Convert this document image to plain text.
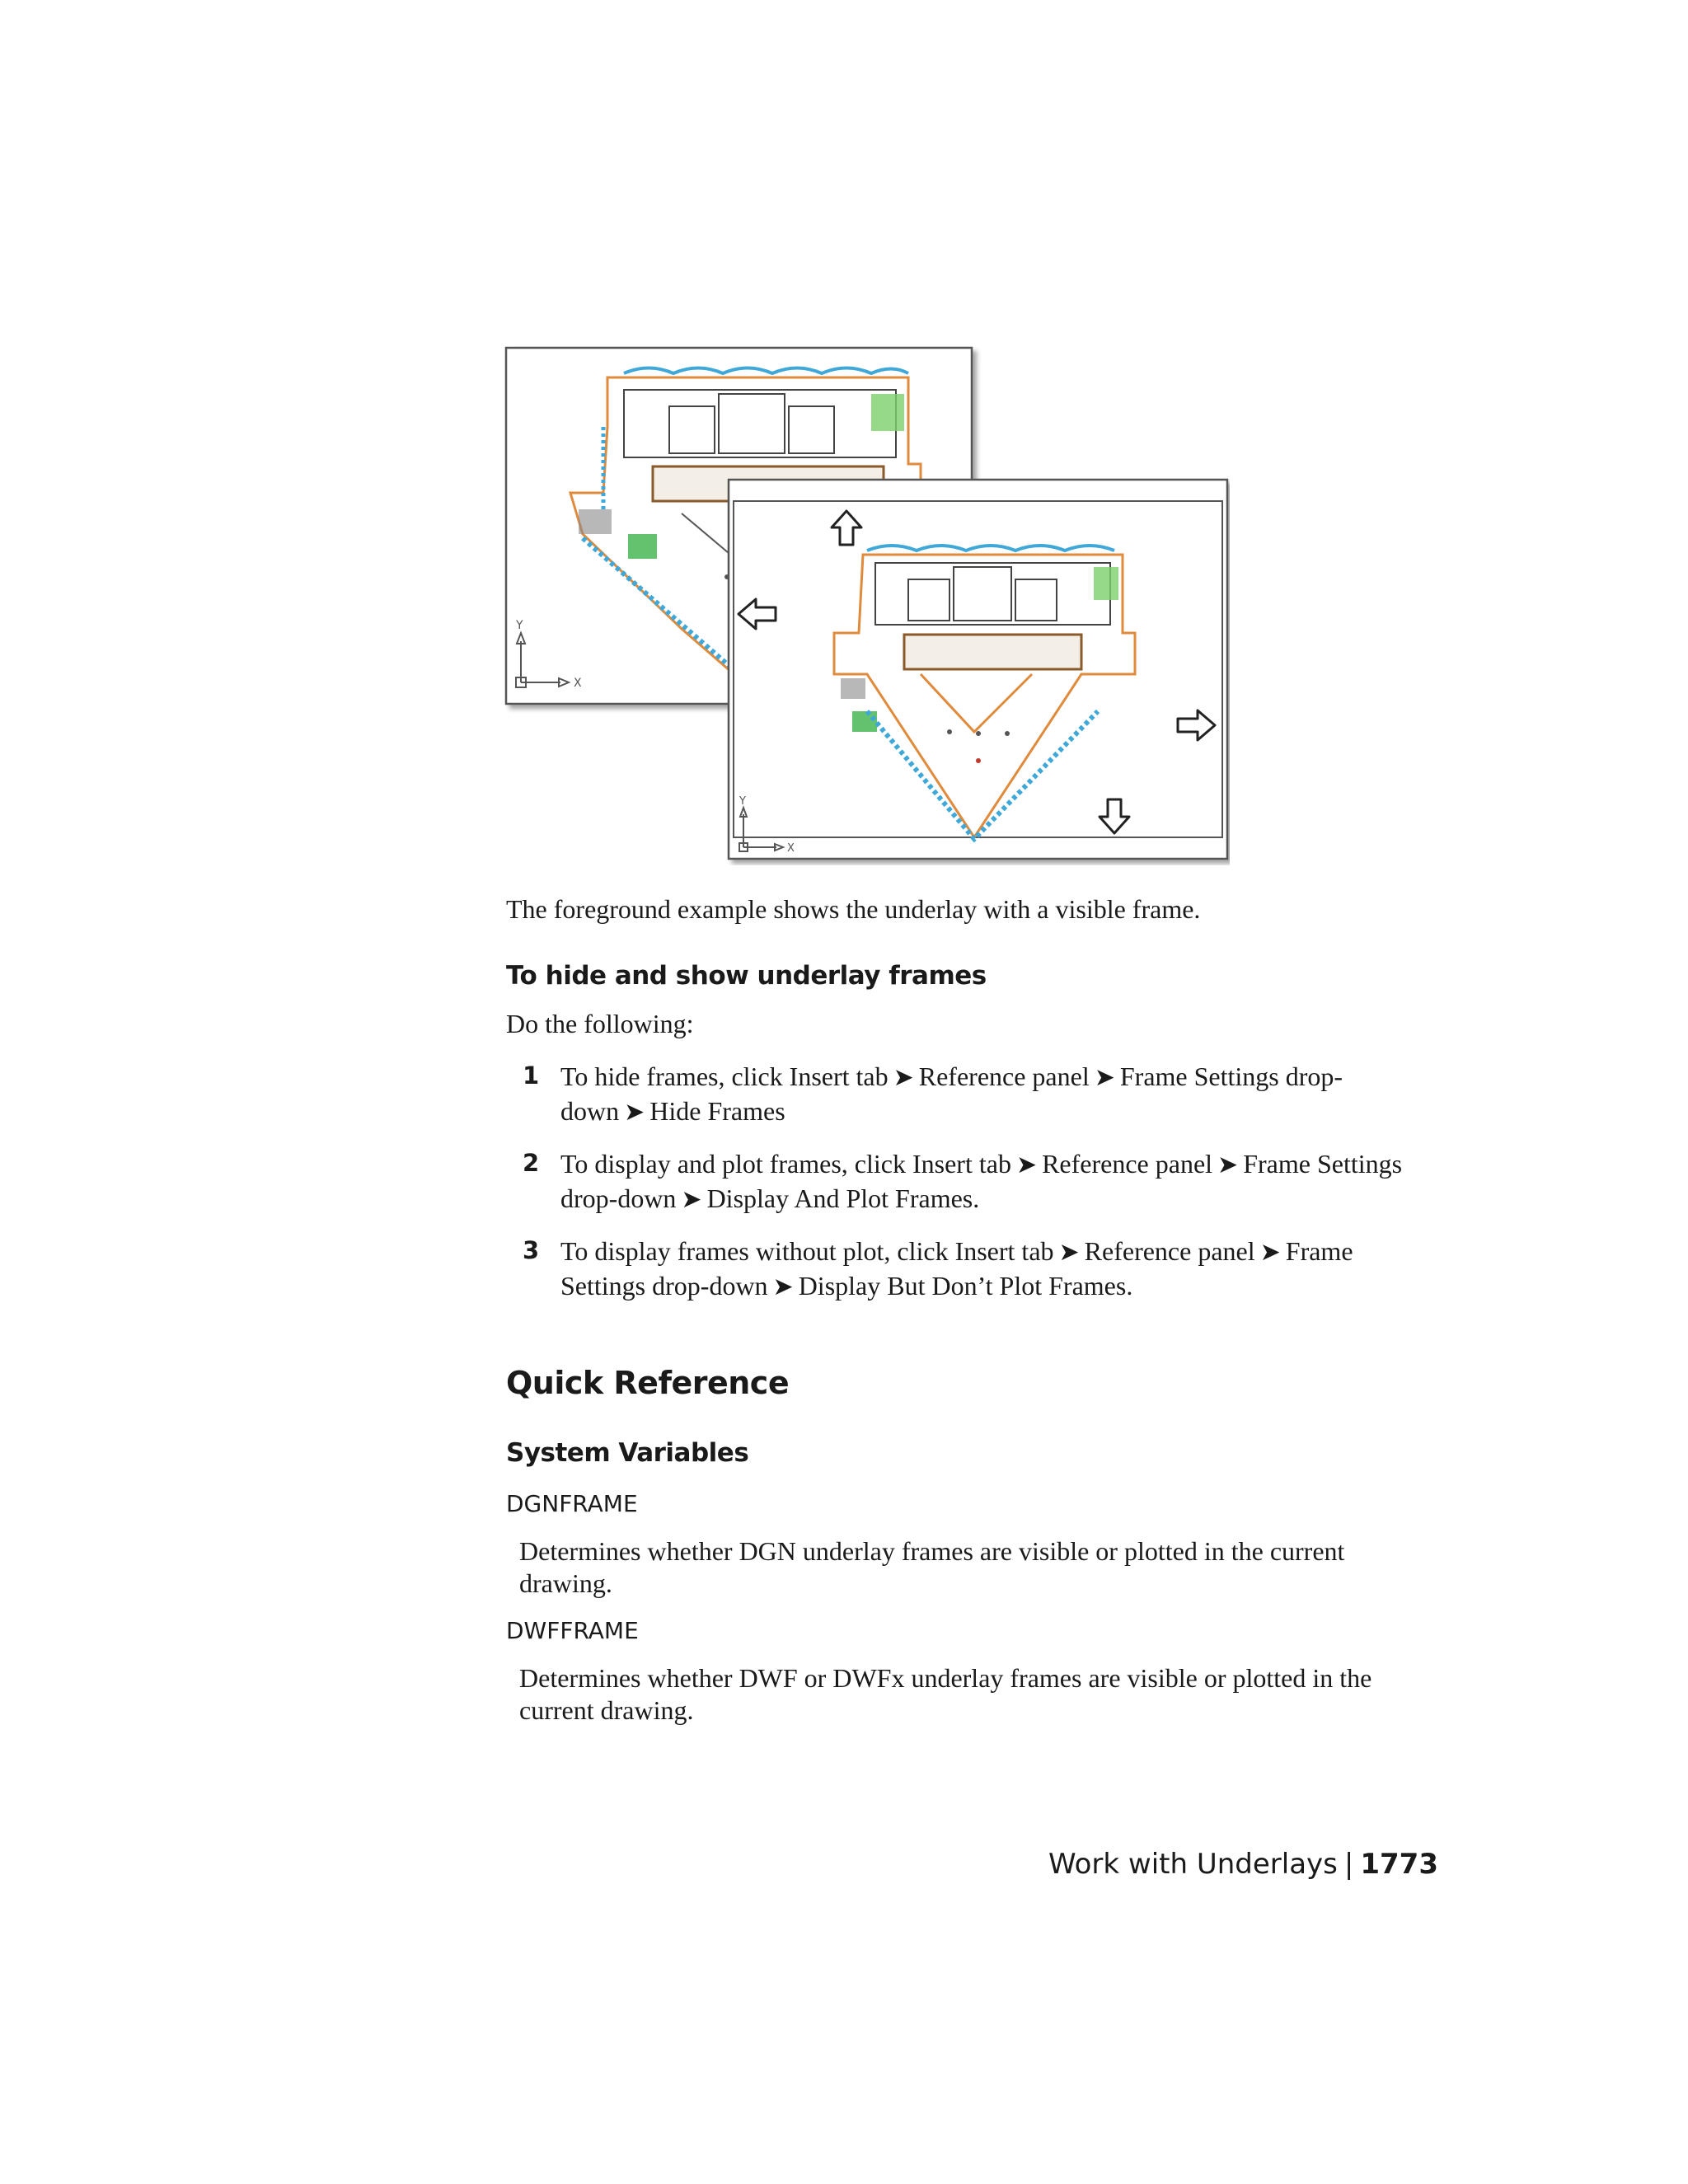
Y
X
Y
X

The foreground example shows the underlay with a visible frame.

To hide and show underlay frames

Do the following:

1 To hide frames, click Insert tab ➤ Reference panel ➤ Frame Settings drop-down ➤ Hide Frames
2 To display and plot frames, click Insert tab ➤ Reference panel ➤ Frame Settings drop-down ➤ Display And Plot Frames.
3 To display frames without plot, click Insert tab ➤ Reference panel ➤ Frame Settings drop-down ➤ Display But Don’t Plot Frames.
Quick Reference
System Variables

DGNFRAME

Determines whether DGN underlay frames are visible or plotted in the current drawing.

DWFFRAME

Determines whether DWF or DWFx underlay frames are visible or plotted in the current drawing.

Work with Underlays | 1773
